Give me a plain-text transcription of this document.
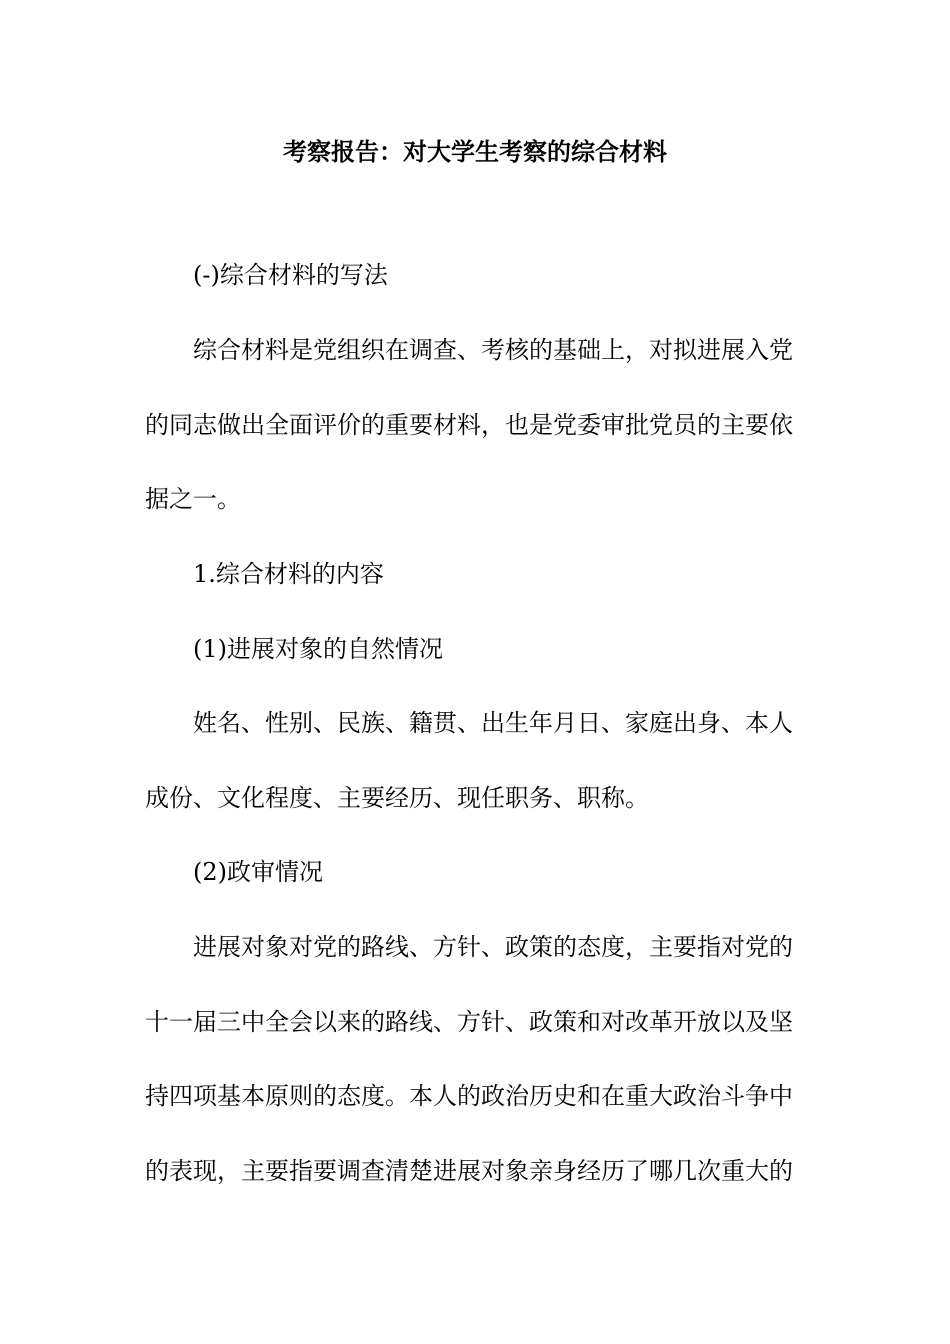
考察报告：对大学生考察的综合材料
(-)综合材料的写法
综合材料是党组织在调查、考核的基础上，对拟进展入党
的同志做出全面评价的重要材料，也是党委审批党员的主要依
据之一。
1.综合材料的内容
(1)进展对象的自然情况
姓名、性别、民族、籍贯、出生年月日、家庭出身、本人
成份、文化程度、主要经历、现任职务、职称。
(2)政审情况
进展对象对党的路线、方针、政策的态度，主要指对党的
十一届三中全会以来的路线、方针、政策和对改革开放以及坚
持四项基本原则的态度。本人的政治历史和在重大政治斗争中
的表现，主要指要调查清楚进展对象亲身经历了哪几次重大的
